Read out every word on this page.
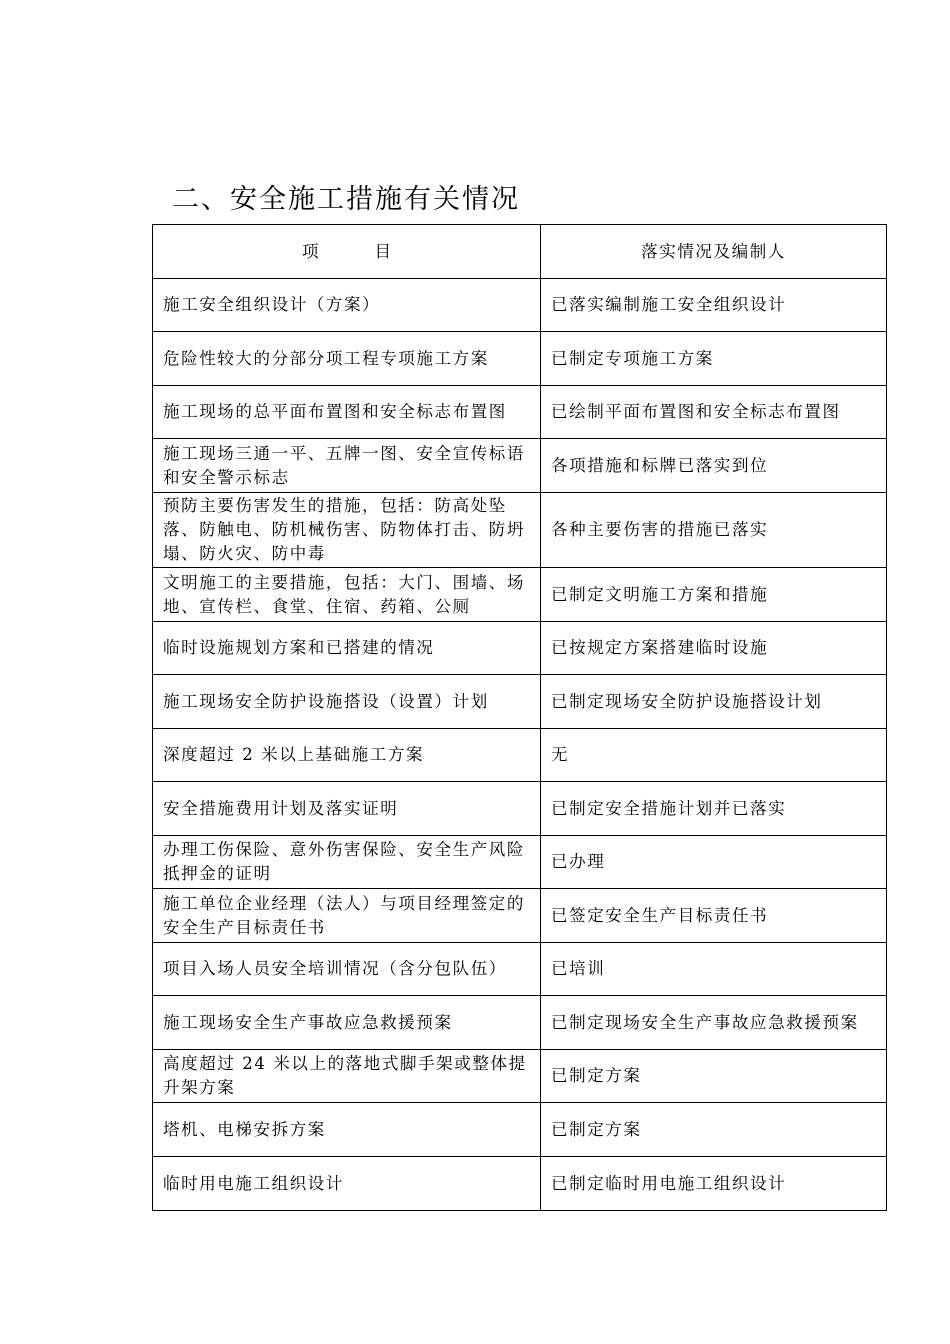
二、安全施工措施有关情况
项 目	落实情况及编制人
施工安全组织设计（方案）	已落实编制施工安全组织设计
危险性较大的分部分项工程专项施工方案	已制定专项施工方案
施工现场的总平面布置图和安全标志布置图	已绘制平面布置图和安全标志布置图
施工现场三通一平、五牌一图、安全宣传标语和安全警示标志	各项措施和标牌已落实到位
预防主要伤害发生的措施，包括：防高处坠落、防触电、防机械伤害、防物体打击、防坍塌、防火灾、防中毒	各种主要伤害的措施已落实
文明施工的主要措施，包括：大门、围墙、场地、宣传栏、食堂、住宿、药箱、公厕	已制定文明施工方案和措施
临时设施规划方案和已搭建的情况	已按规定方案搭建临时设施
施工现场安全防护设施搭设（设置）计划	已制定现场安全防护设施搭设计划
深度超过 2 米以上基础施工方案	无
安全措施费用计划及落实证明	已制定安全措施计划并已落实
办理工伤保险、意外伤害保险、安全生产风险抵押金的证明	已办理
施工单位企业经理（法人）与项目经理签定的安全生产目标责任书	已签定安全生产目标责任书
项目入场人员安全培训情况（含分包队伍）	已培训
施工现场安全生产事故应急救援预案	已制定现场安全生产事故应急救援预案
高度超过 24 米以上的落地式脚手架或整体提升架方案	已制定方案
塔机、电梯安拆方案	已制定方案
临时用电施工组织设计	已制定临时用电施工组织设计
